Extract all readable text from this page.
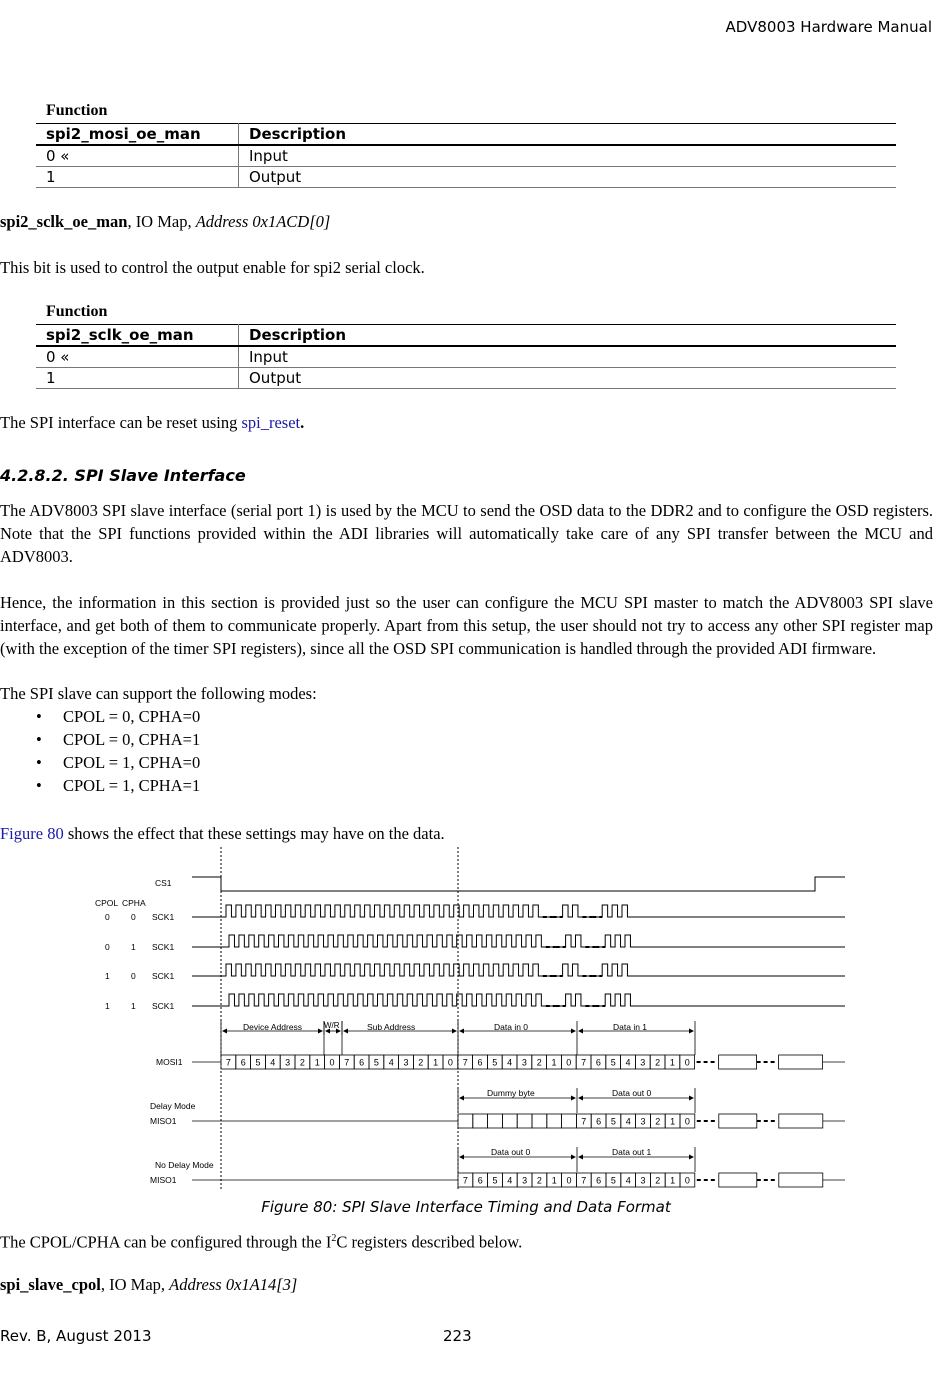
ADV8003 Hardware Manual
Function
spi2_mosi_oe_man	Description
0 «	Input
1	Output
spi2_sclk_oe_man, IO Map, Address 0x1ACD[0]
This bit is used to control the output enable for spi2 serial clock.
Function
spi2_sclk_oe_man	Description
0 «	Input
1	Output
The SPI interface can be reset using spi_reset.
4.2.8.2. SPI Slave Interface
The ADV8003 SPI slave interface (serial port 1) is used by the MCU to send the OSD data to the DDR2 and to configure the OSD registers. Note that the SPI functions provided within the ADI libraries will automatically take care of any SPI transfer between the MCU and ADV8003.
Hence, the information in this section is provided just so the user can configure the MCU SPI master to match the ADV8003 SPI slave interface, and get both of them to communicate properly. Apart from this setup, the user should not try to access any other SPI register map (with the exception of the timer SPI registers), since all the OSD SPI communication is handled through the provided ADI firmware.
The SPI slave can support the following modes:
• CPOL = 0, CPHA=0
• CPOL = 0, CPHA=1
• CPOL = 1, CPHA=0
• CPOL = 1, CPHA=1
Figure 80 shows the effect that these settings may have on the data.
7 6 5 4 3 2 1 0 7 6 5 4 3 2 1 0 7 6 5 4 3 2 1 0 7 6 5 4 3 2 1 0
7 6 5 4 3 2 1 0
7 6 5 4 3 2 1 0 7 6 5 4 3 2 1 0
CS1
CPOL CPHA
0	0 SCK1
0	1 SCK1
1	0 SCK1
1	1 SCK1
Device Address	W/R	Sub Address	Data in 0	Data in 1
MOSI1
Delay Mode
MISO1
Dummy byte	Data out 0
No Delay Mode
MISO1
Data out 0	Data out 1
Figure 80: SPI Slave Interface Timing and Data Format
The CPOL/CPHA can be configured through the $I^2C$ registers described below.
spi_slave_cpol, IO Map, Address 0x1A14[3]
Rev. B, August 2013	223
